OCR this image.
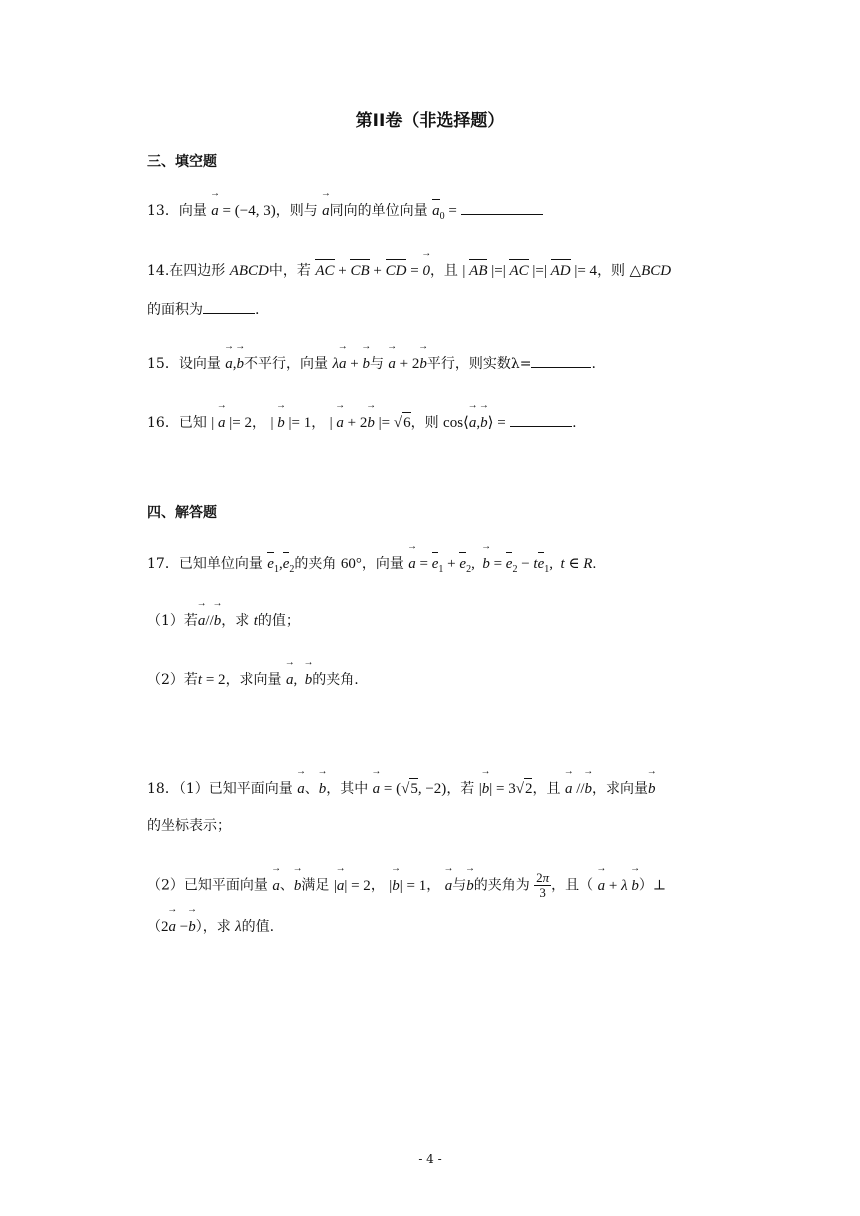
第II卷（非选择题）
三、填空题
13．向量 → a = (−4, 3)，则与 → a同向的单位向量 $a_0$ =
14.在四边形 ABCD中，若 AC + CB + CD = → 0，且 | AB |=| AC |=| AD |= 4，则 △BCD
的面积为	.
15．设向量 → a,→ b不平行，向量 λ→ a + → b与 → a + 2→ b平行，则实数λ=	.
16．已知 | → a |= 2， | → b |= 1， | → a + 2→ b |= √6，则 cos⟨→ a,→ b⟩ =	.
四、解答题
17．已知单位向量 $e_1,e_2$的夹角 60°，向量 → $a = e_1 + e_2$, → $b = e_2 - te_1$,  t ∈ R.
（1）若→ a//→ b，求 t的值；
（2）若t = 2，求向量 → a, → b的夹角.
18．（1）已知平面向量 → a、→ b，其中 → a = (√5, −2)，若 |→ b| = 3√2，且 → a //→ b，求向量→ b
的坐标表示；
（2）已知平面向量 → a、→ b满足 |→ a| = 2， |→ b| = 1， → a与→ b的夹角为 $\frac{2\pi}{3}$ ，且（ → a + λ → b）⊥
（2→ a −→ b），求 λ的值.
- 4 -
